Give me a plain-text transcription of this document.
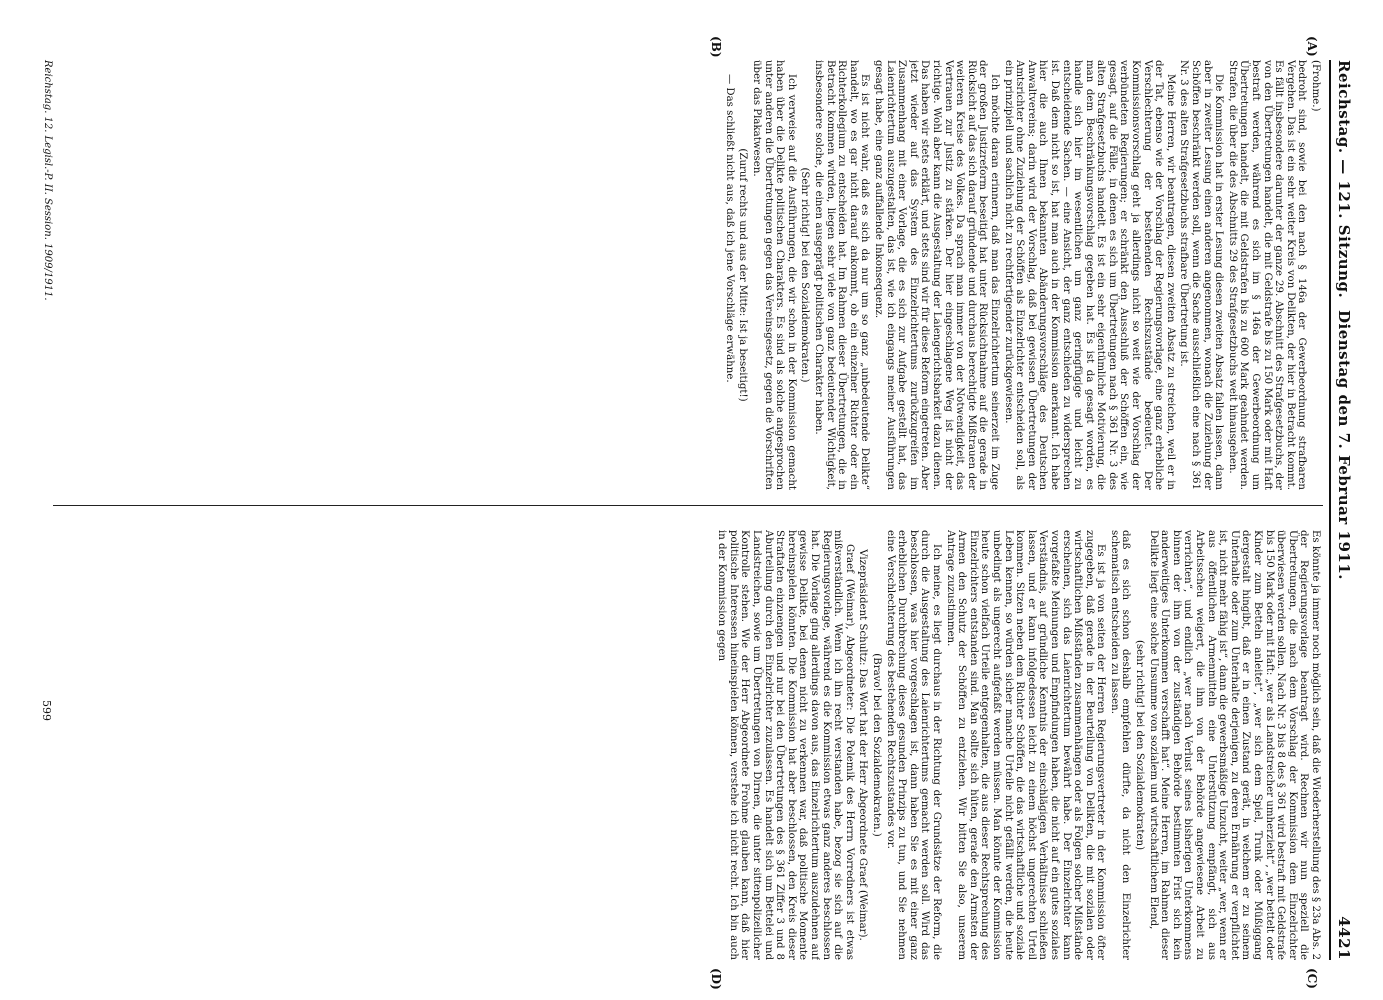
Reichstag. — 121. Sitzung.
Dienstag den 7. Februar 1911.
4421
(A)
(B)
(C)
(D)

(Frohme.)

bedroht sind, sowie bei den nach § 146a der Gewerbeordnung strafbaren Vergehen. Das ist ein sehr weiter Kreis von Delikten, der hier in Betracht kommt. Es fällt insbesondere darunter der ganze 29. Abschnitt des Strafgesetzbuchs, der von den Übertretungen handelt, die mit Geldstrafe bis zu 150 Mark oder mit Haft bestraft werden, während es sich im § 146a der Gewerbeordnung um Übertretungen handelt, die mit Geldstrafen bis zu 600 Mark geahndet werden. Strafen, die über die des Abschnitts 29 des Strafgesetzbuchs weit hinausgehen.

Die Kommission hat in erster Lesung diesen zweiten Absatz fallen lassen, dann aber in zweiter Lesung einen anderen angenommen, wonach die Zuziehung der Schöffen beschränkt werden soll, wenn die Sache ausschließlich eine nach § 361 Nr. 3 des alten Strafgesetzbuchs strafbare Übertretung ist.

Meine Herren, wir beantragen, diesen zweiten Absatz zu streichen, weil er in der Tat, ebenso wie der Vorschlag der Regierungsvorlage, eine ganz erhebliche Verschlechterung der bestehenden Rechtszustände bedeutet. Der Kommissionsvorschlag geht ja allerdings nicht so weit wie der Vorschlag der verbündeten Regierungen; er schränkt den Ausschluß der Schöffen ein, wie gesagt, auf die Fälle, in denen es sich um Übertretungen nach § 361 Nr. 3 des alten Strafgesetzbuchs handelt. Es ist ein sehr eigentümliche Motivierung, die man dem Beschränkungsvorschlag gegeben hat. Es ist da gesagt worden, es handle sich hier im wesentlichen um ganz geringfügige und leicht zu entscheidende Sachen. — eine Ansicht, der ganz entschieden zu widersprechen ist. Daß dem nicht so ist, hat man auch in der Kommission anerkannt. Ich habe hier die auch Ihnen bekannten Abänderungsvorschläge des Deutschen Anwaltvereins; darin wird der Vorschlag, daß bei gewissen Übertretungen der Amtsrichter ohne Zuziehung der Schöffen als Einzelrichter entscheiden soll, als ein prinzipiell und sachlich nicht zu rechtfertigender zurückgewiesen.

Ich möchte daran erinnern, daß man das Einzelrichtertum seinerzeit im Zuge der großen Justizreform beseitigt hat unter Rücksichtnahme auf die gerade in Rücksicht auf das sich darauf gründende und durchaus berechtigte Mißtrauen der weiteren Kreise des Volkes. Da sprach man immer von der Notwendigkeit, das Vertrauen zur Justiz zu stärken. Der hier eingeschlagene Weg ist nicht der richtige. Wohl aber kann die Ausgestaltung der Laiengerichtsbarkeit dazu dienen. Das haben wir stets erklärt, und stets sind wir für diese Reform eingetreten. Aber jetzt wieder auf das System des Einzelrichtertums zurückzugreifen im Zusammenhang mit einer Vorlage, die es sich zur Aufgabe gestellt hat, das Laienrichtertum auszugestalten, das ist, wie ich eingangs meiner Ausführungen gesagt habe, eine ganz auffallende Inkonsequenz.

Es ist nicht wahr, daß es sich da nur um so ganz „unbedeutende Delikte“ handelt, wo es gar nicht darauf ankommt, ob ein einzelner Richter oder ein Richterkollegium zu entscheiden hat. Im Rahmen dieser Übertretungen, die in Betracht kommen würden, liegen sehr viele von ganz bedeutender Wichtigkeit, insbesondere solche, die einen ausgeprägt politischen Charakter haben.

(Sehr richtig! bei den Sozialdemokraten.)

Ich verweise auf die Ausführungen, die wir schon in der Kommission gemacht haben über die Delikte politischen Charakters. Es sind als solche angesprochen unter anderen die Übertretungen gegen das Vereinsgesetz, gegen die Vorschriften über das Plakatwesen.

(Zuruf rechts und aus der Mitte: Ist ja beseitigt!)

— Das schließt nicht aus, daß ich jene Vorschläge erwähne.

Es könnte ja immer noch möglich sein, daß die Wiederherstellung des § 23a Abs. 2 der Regierungsvorlage beantragt wird. Rechnen wir nun speziell die Übertretungen, die nach dem Vorschlag der Kommission dem Einzelrichter überwiesen werden sollen. Nach Nr. 3 bis 8 des § 361 wird bestraft mit Geldstrafe bis 150 Mark oder mit Haft: „wer als Landstreicher umherzieht“, „wer bettelt oder Kinder zum Betteln anleitet“, „wer sich dem Spiel, Trunk oder Müßiggang dergestalt hingibt, daß er in einen Zustand gerät, in welchem er zu seinem Unterhalte oder zum Unterhalte derjenigen, zu deren Ernährung er verpflichtet ist, nicht mehr fähig ist“, dann die gewerbsmäßige Unzucht, weiter „wer, wenn er aus öffentlichen Armenmitteln eine Unterstützung empfängt, sich aus Arbeitsscheu weigert, die ihm von der Behörde angewiesene Arbeit zu verrichten“, und endlich „wer nach Verlust seines bisherigen Unterkommens binnen der ihm von der zuständigen Behörde bestimmten Frist sich kein anderweitiges Unterkommen verschafft hat“. Meine Herren, im Rahmen dieser Delikte liegt eine solche Unsumme von sozialem und wirtschaftlichem Elend,

(sehr richtig! bei den Sozialdemokraten)

daß es sich schon deshalb empfehlen dürfte, da nicht den Einzelrichter schematisch entscheiden zu lassen.

Es ist ja von seiten der Herren Regierungsvertreter in der Kommission öfter zugegeben, daß gerade in der Beurteilung von Delikten, die mit sozialen oder wirtschaftlichen Mißständen zusammenhängen oder als Folgen solcher Mißstände erscheinen, sich das Laienrichtertum bewährt habe. Der Einzelrichter kann vorgefaßte Meinungen und Empfindungen haben, die nicht auf ein gutes soziales Verständnis, auf gründliche Kenntnis der einschlägigen Verhältnisse schließen lassen, und er kann infolgedessen leicht zu einem höchst ungerechten Urteil kommen. Sitzen neben dem Richter Schöffen, die das wirtschaftliche und soziale Leben kennen, so würden sicher manche Urteile nicht gefällt werden, die heute unbedingt als ungerecht aufgefaßt werden müssen. Man könnte der Kommission heute schon vielfach Urteile entgegenhalten, die aus dieser Rechtsprechung des Einzelrichters entstanden sind. Man sollte sich hüten, gerade den Armsten der Armen den Schutz der Schöffen zu entziehen. Wir bitten Sie also, unserem Antrage zuzustimmen.

Ich meine, es liegt durchaus in der Richtung der Grundsätze der Reform, die durch die Ausgestaltung des Laienrichtertums gemacht werden soll. Wird das beschlossen, was hier vorgeschlagen ist, dann haben Sie es mit einer ganz erheblichen Durchbrechung dieses gesunden Prinzips zu tun, und Sie nehmen eine Verschlechterung des bestehenden Rechtszustandes vor.

(Bravo! bei den Sozialdemokraten.)

Vizepräsident Schultz: Das Wort hat der Herr Abgeordnete Graef (Weimar).

Graef (Weimar), Abgeordneter: Die Polemik des Herrn Vorredners ist etwas mißverständlich. Wenn ich ihn recht verstanden habe, bezog sie sich auf die Regierungsvorlage, während es die Kommission etwas ganz anderes beschlossen hat. Die Vorlage ging allerdings davon aus, das Einzelrichtertum auszudehnen auf gewisse Delikte, bei denen nicht zu verkennen war, daß politische Momente hereinspielen könnten. Die Kommission hat aber beschlossen, den Kreis dieser Straftaten einzuengen und nur bei den Übertretungen des § 361 Ziffer 3 und 8 Aburteilung durch den Einzelrichter zuzulassen. Es handelt sich um Bettelei und Landstreichen, sowie um Übertretungen von Dirnen, die unter sittenpolizeilicher Kontrolle stehen. Wie der Herr Abgeordnete Frohme glauben kann, daß hier politische Interessen hineinspielen können, verstehe ich nicht recht. Ich bin auch in der Kommission gegen

Reichstag. 12. Legisl.-P. II. Session. 1909/1911.
599
